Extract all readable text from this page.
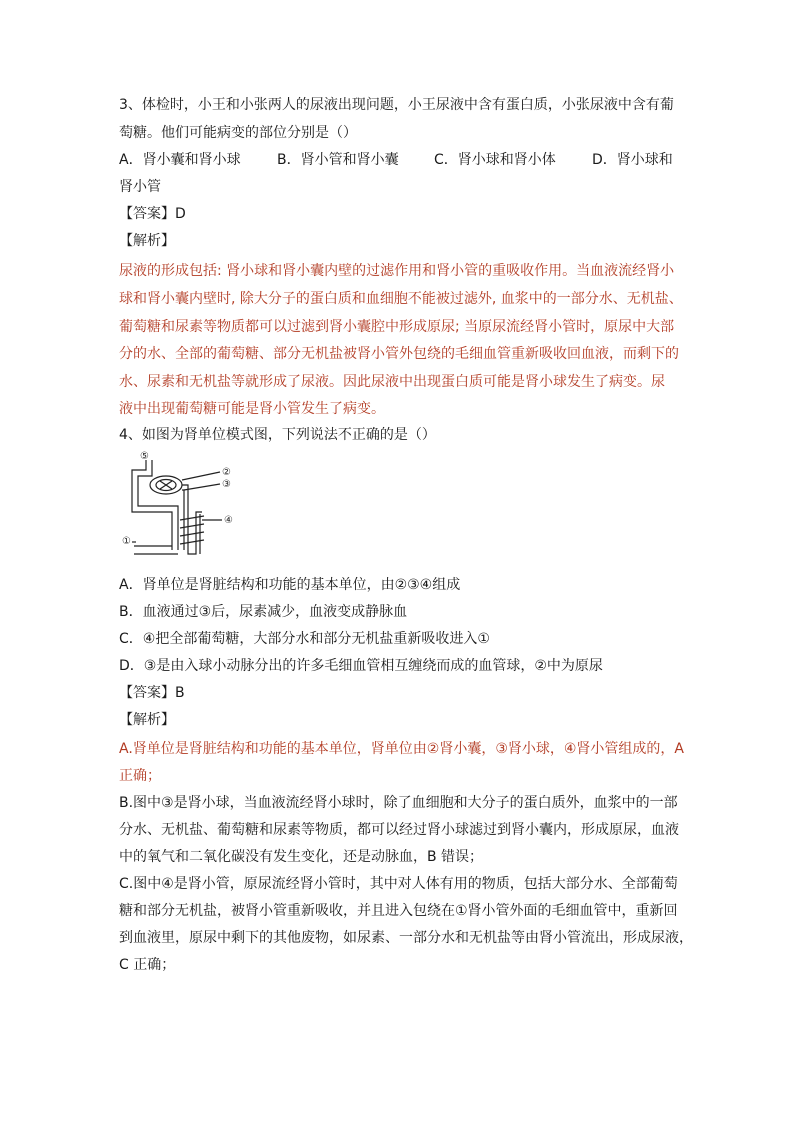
3、体检时，小王和小张两人的尿液出现问题，小王尿液中含有蛋白质，小张尿液中含有葡
萄糖。他们可能病变的部位分别是（）
A．肾小囊和肾小球	B．肾小管和肾小囊	C．肾小球和肾小体	D．肾小球和
肾小管
【答案】D
【解析】
尿液的形成包括: 肾小球和肾小囊内壁的过滤作用和肾小管的重吸收作用。当血液流经肾小
球和肾小囊内壁时, 除大分子的蛋白质和血细胞不能被过滤外, 血浆中的一部分水、无机盐、
葡萄糖和尿素等物质都可以过滤到肾小囊腔中形成原尿; 当原尿流经肾小管时，原尿中大部
分的水、全部的葡萄糖、部分无机盐被肾小管外包绕的毛细血管重新吸收回血液，而剩下的
水、尿素和无机盐等就形成了尿液。因此尿液中出现蛋白质可能是肾小球发生了病变。尿
液中出现葡萄糖可能是肾小管发生了病变。
4、如图为肾单位模式图，下列说法不正确的是（）
⑤
②
③
④
①
A．肾单位是肾脏结构和功能的基本单位，由②③④组成
B．血液通过③后，尿素减少，血液变成静脉血
C．④把全部葡萄糖，大部分水和部分无机盐重新吸收进入①
D．③是由入球小动脉分出的许多毛细血管相互缠绕而成的血管球，②中为原尿
【答案】B
【解析】
A.肾单位是肾脏结构和功能的基本单位，肾单位由②肾小囊，③肾小球，④肾小管组成的，A
正确；
B.图中③是肾小球，当血液流经肾小球时，除了血细胞和大分子的蛋白质外，血浆中的一部
分水、无机盐、葡萄糖和尿素等物质，都可以经过肾小球滤过到肾小囊内，形成原尿，血液
中的氧气和二氧化碳没有发生变化，还是动脉血，B 错误；
C.图中④是肾小管，原尿流经肾小管时，其中对人体有用的物质，包括大部分水、全部葡萄
糖和部分无机盐，被肾小管重新吸收，并且进入包绕在①肾小管外面的毛细血管中，重新回
到血液里，原尿中剩下的其他废物，如尿素、一部分水和无机盐等由肾小管流出，形成尿液，
C 正确；
